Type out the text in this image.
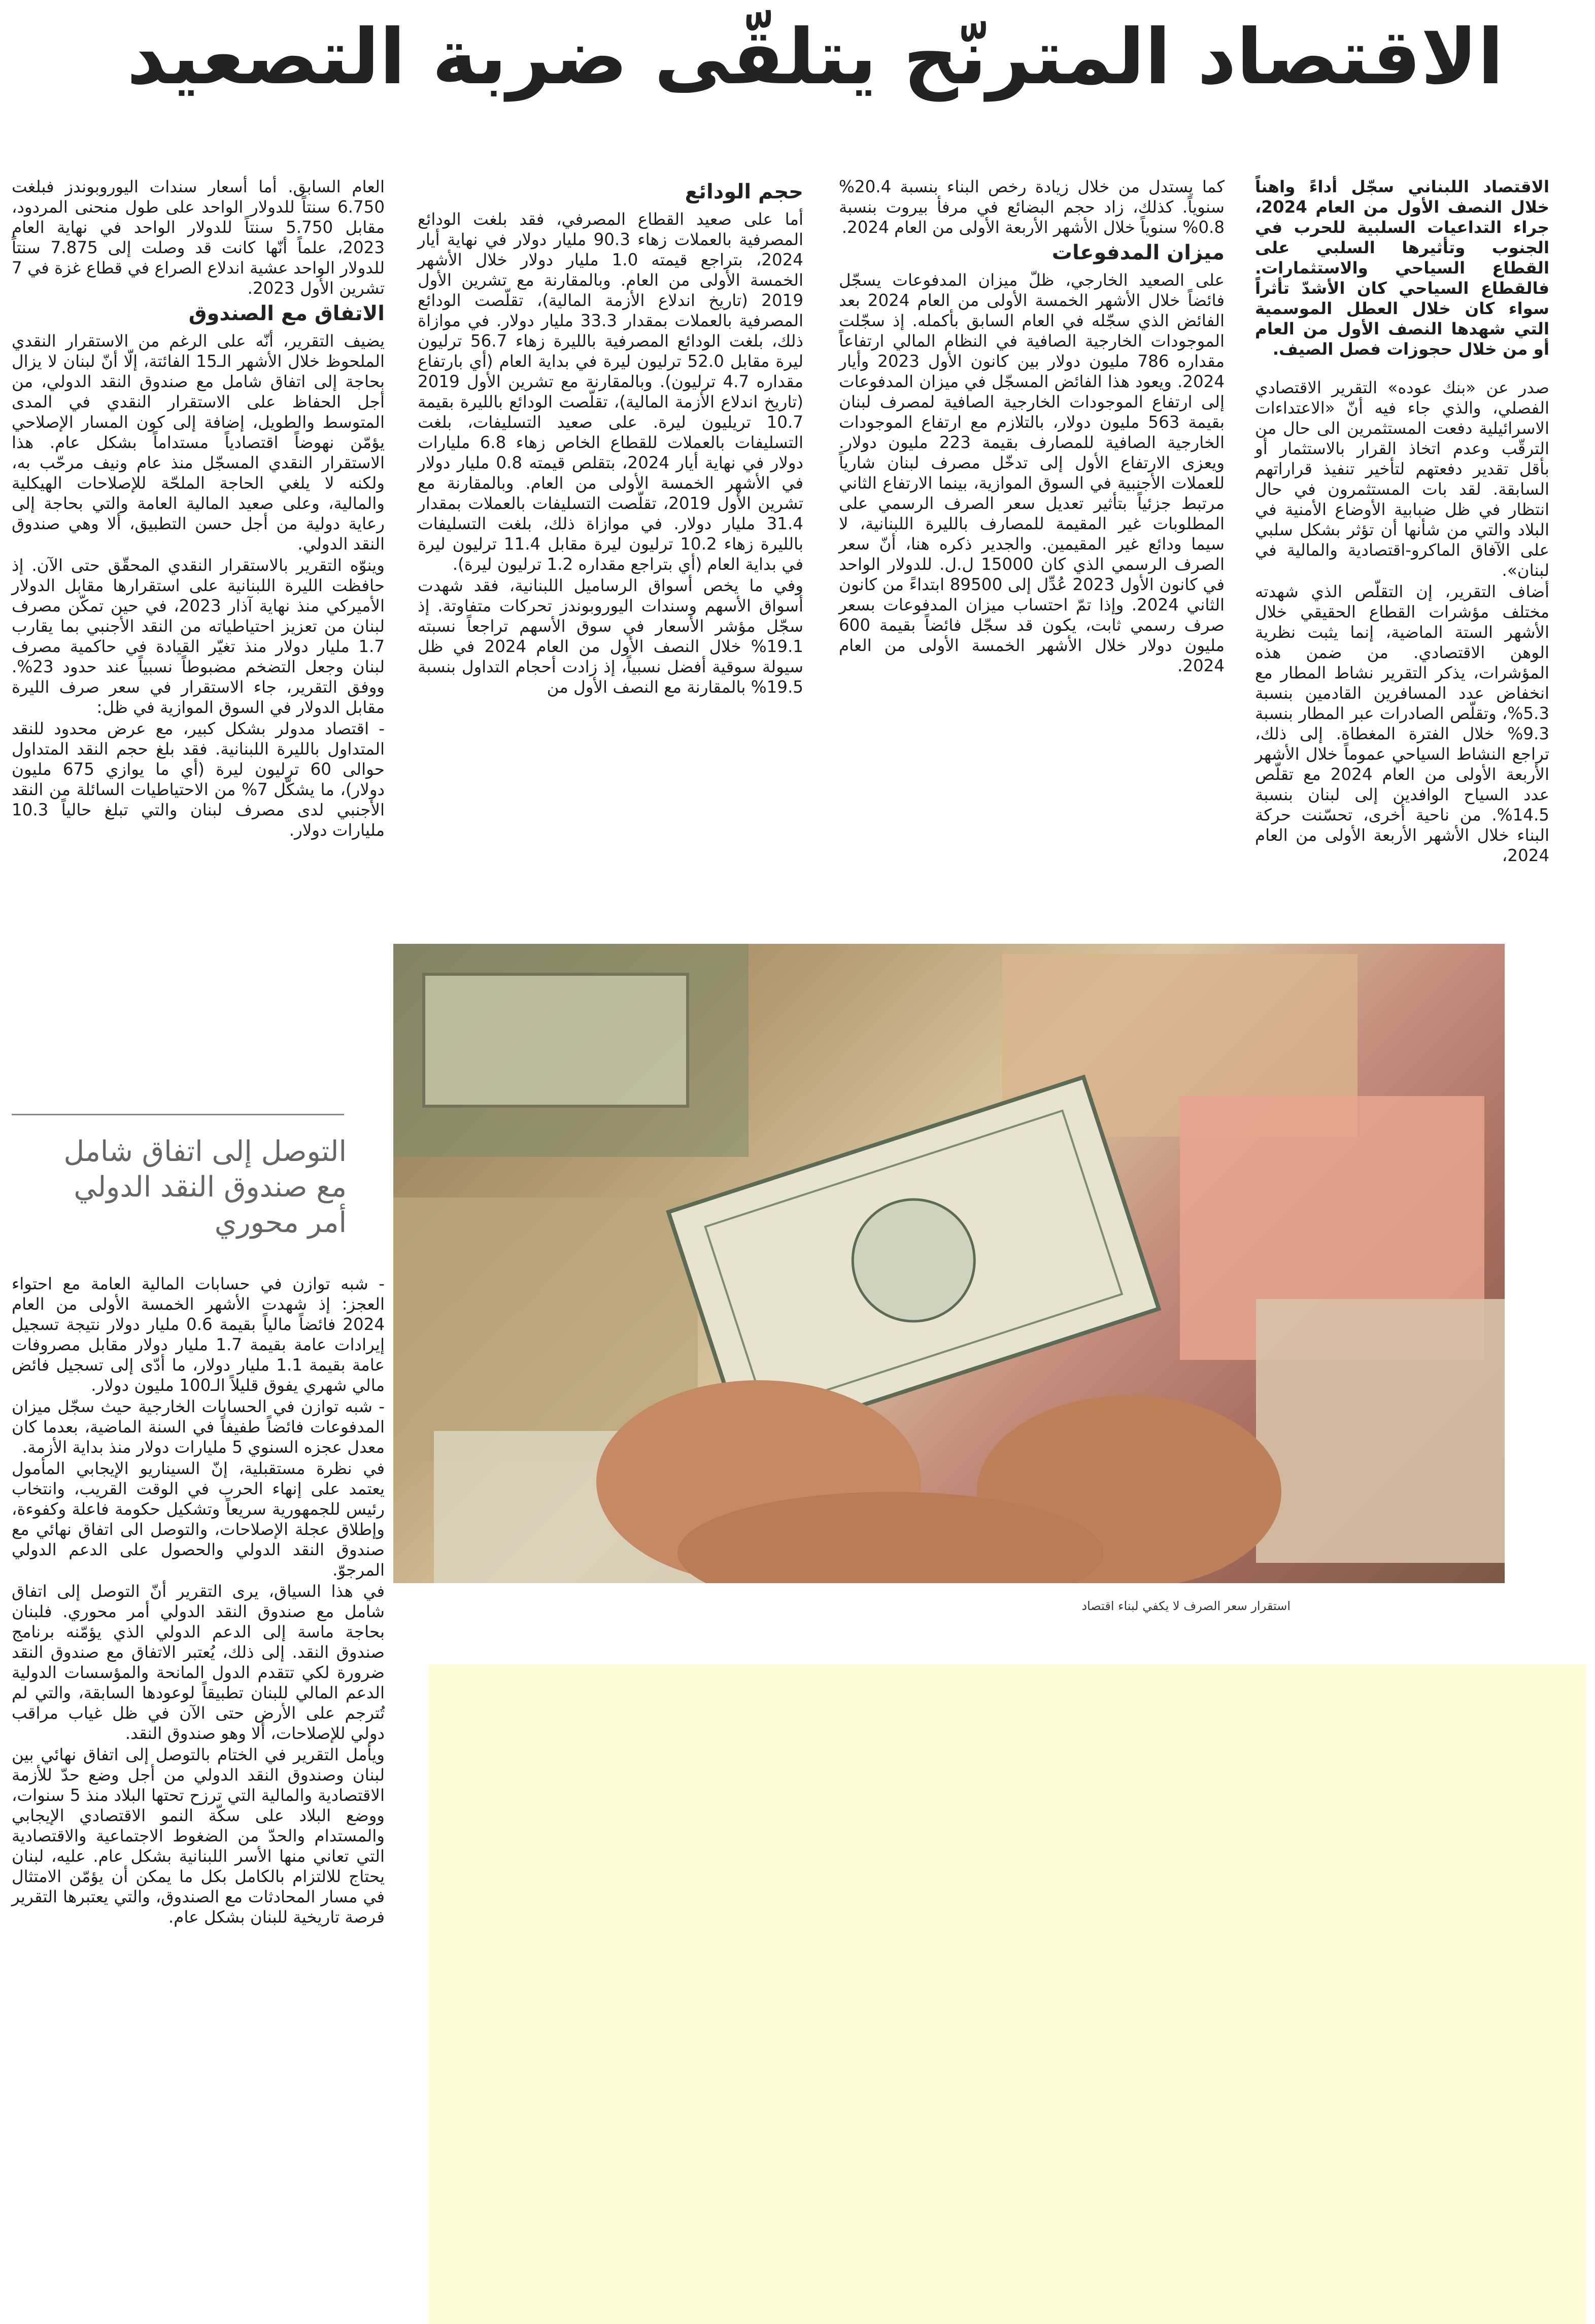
الاقتصاد المترنّح يتلقّى ضربة التصعيد

الاقتصاد اللبناني سجّل أداءً واهناً خلال النصف الأول من العام 2024، جراء التداعيات السلبية للحرب في الجنوب وتأثيرها السلبي على القطاع السياحي والاستثمارات. فالقطاع السياحي كان الأشدّ تأثراً سواء كان خلال العطل الموسمية التي شهدها النصف الأول من العام أو من خلال حجوزات فصل الصيف.

صدر عن «بنك عوده» التقرير الاقتصادي الفصلي، والذي جاء فيه أنّ «الاعتداءات الاسرائيلية دفعت المستثمرين الى حال من الترقّب وعدم اتخاذ القرار بالاستثمار أو بأقل تقدير دفعتهم لتأخير تنفيذ قراراتهم السابقة. لقد بات المستثمرون في حال انتظار في ظل ضبابية الأوضاع الأمنية في البلاد والتي من شأنها أن تؤثر بشكل سلبي على الآفاق الماكرو-اقتصادية والمالية في لبنان».

أضاف التقرير، إن التقلّص الذي شهدته مختلف مؤشرات القطاع الحقيقي خلال الأشهر الستة الماضية، إنما يثبت نظرية الوهن الاقتصادي. من ضمن هذه المؤشرات، يذكر التقرير نشاط المطار مع انخفاض عدد المسافرين القادمين بنسبة 5.3%، وتقلّص الصادرات عبر المطار بنسبة 9.3% خلال الفترة المغطاة. إلى ذلك، تراجع النشاط السياحي عموماً خلال الأشهر الأربعة الأولى من العام 2024 مع تقلّص عدد السياح الوافدين إلى لبنان بنسبة 14.5%. من ناحية أخرى، تحسّنت حركة البناء خلال الأشهر الأربعة الأولى من العام 2024،

كما يستدل من خلال زيادة رخص البناء بنسبة 20.4% سنوياً. كذلك، زاد حجم البضائع في مرفأ بيروت بنسبة 0.8% سنوياً خلال الأشهر الأربعة الأولى من العام 2024.

ميزان المدفوعات

على الصعيد الخارجي، ظلّ ميزان المدفوعات يسجّل فائضاً خلال الأشهر الخمسة الأولى من العام 2024 بعد الفائض الذي سجّله في العام السابق بأكمله. إذ سجّلت الموجودات الخارجية الصافية في النظام المالي ارتفاعاً مقداره 786 مليون دولار بين كانون الأول 2023 وأيار 2024. ويعود هذا الفائض المسجّل في ميزان المدفوعات إلى ارتفاع الموجودات الخارجية الصافية لمصرف لبنان بقيمة 563 مليون دولار، بالتلازم مع ارتفاع الموجودات الخارجية الصافية للمصارف بقيمة 223 مليون دولار. ويعزى الارتفاع الأول إلى تدخّل مصرف لبنان شارياً للعملات الأجنبية في السوق الموازية، بينما الارتفاع الثاني مرتبط جزئياً بتأثير تعديل سعر الصرف الرسمي على المطلوبات غير المقيمة للمصارف بالليرة اللبنانية، لا سيما ودائع غير المقيمين. والجدير ذكره هنا، أنّ سعر الصرف الرسمي الذي كان 15000 ل.ل. للدولار الواحد في كانون الأول 2023 عُدِّل إلى 89500 ابتداءً من كانون الثاني 2024. وإذا تمّ احتساب ميزان المدفوعات بسعر صرف رسمي ثابت، يكون قد سجّل فائضاً بقيمة 600 مليون دولار خلال الأشهر الخمسة الأولى من العام 2024.

حجم الودائع

أما على صعيد القطاع المصرفي، فقد بلغت الودائع المصرفية بالعملات زهاء 90.3 مليار دولار في نهاية أيار 2024، بتراجع قيمته 1.0 مليار دولار خلال الأشهر الخمسة الأولى من العام. وبالمقارنة مع تشرين الأول 2019 (تاريخ اندلاع الأزمة المالية)، تقلّصت الودائع المصرفية بالعملات بمقدار 33.3 مليار دولار. في موازاة ذلك، بلغت الودائع المصرفية بالليرة زهاء 56.7 ترليون ليرة مقابل 52.0 ترليون ليرة في بداية العام (أي بارتفاع مقداره 4.7 ترليون). وبالمقارنة مع تشرين الأول 2019 (تاريخ اندلاع الأزمة المالية)، تقلّصت الودائع بالليرة بقيمة 10.7 تريليون ليرة. على صعيد التسليفات، بلغت التسليفات بالعملات للقطاع الخاص زهاء 6.8 مليارات دولار في نهاية أيار 2024، بتقلص قيمته 0.8 مليار دولار في الأشهر الخمسة الأولى من العام. وبالمقارنة مع تشرين الأول 2019، تقلّصت التسليفات بالعملات بمقدار 31.4 مليار دولار. في موازاة ذلك، بلغت التسليفات بالليرة زهاء 10.2 ترليون ليرة مقابل 11.4 ترليون ليرة في بداية العام (أي بتراجع مقداره 1.2 ترليون ليرة).

وفي ما يخص أسواق الرساميل اللبنانية، فقد شهدت أسواق الأسهم وسندات اليوروبوندز تحركات متفاوتة. إذ سجّل مؤشر الأسعار في سوق الأسهم تراجعاً نسبته 19.1% خلال النصف الأول من العام 2024 في ظل سيولة سوقية أفضل نسبياً، إذ زادت أحجام التداول بنسبة 19.5% بالمقارنة مع النصف الأول من

العام السابق. أما أسعار سندات اليوروبوندز فبلغت 6.750 سنتاً للدولار الواحد على طول منحنى المردود، مقابل 5.750 سنتاً للدولار الواحد في نهاية العام 2023، علماً أنّها كانت قد وصلت إلى 7.875 سنتاً للدولار الواحد عشية اندلاع الصراع في قطاع غزة في 7 تشرين الأول 2023.

الاتفاق مع الصندوق

يضيف التقرير، أنّه على الرغم من الاستقرار النقدي الملحوظ خلال الأشهر الـ15 الفائتة، إلّا أنّ لبنان لا يزال بحاجة إلى اتفاق شامل مع صندوق النقد الدولي، من أجل الحفاظ على الاستقرار النقدي في المدى المتوسط والطويل، إضافة إلى كون المسار الإصلاحي يؤمّن نهوضاً اقتصادياً مستداماً بشكل عام. هذا الاستقرار النقدي المسجّل منذ عام ونيف مرحّب به، ولكنه لا يلغي الحاجة الملحّة للإصلاحات الهيكلية والمالية، وعلى صعيد المالية العامة والتي بحاجة إلى رعاية دولية من أجل حسن التطبيق، ألا وهي صندوق النقد الدولي.

وينوّه التقرير بالاستقرار النقدي المحقّق حتى الآن. إذ حافظت الليرة اللبنانية على استقرارها مقابل الدولار الأميركي منذ نهاية آذار 2023، في حين تمكّن مصرف لبنان من تعزيز احتياطياته من النقد الأجنبي بما يقارب 1.7 مليار دولار منذ تغيّر القيادة في حاكمية مصرف لبنان وجعل التضخم مضبوطاً نسبياً عند حدود 23%. ووفق التقرير، جاء الاستقرار في سعر صرف الليرة مقابل الدولار في السوق الموازية في ظل:

- اقتصاد مدولر بشكل كبير، مع عرض محدود للنقد المتداول بالليرة اللبنانية. فقد بلغ حجم النقد المتداول حوالى 60 ترليون ليرة (أي ما يوازي 675 مليون دولار)، ما يشكّل 7% من الاحتياطيات السائلة من النقد الأجنبي لدى مصرف لبنان والتي تبلغ حالياً 10.3 مليارات دولار.

التوصل إلى اتفاق شامل
مع صندوق النقد الدولي
أمر محوري

- شبه توازن في حسابات المالية العامة مع احتواء العجز: إذ شهدت الأشهر الخمسة الأولى من العام 2024 فائضاً مالياً بقيمة 0.6 مليار دولار نتيجة تسجيل إيرادات عامة بقيمة 1.7 مليار دولار مقابل مصروفات عامة بقيمة 1.1 مليار دولار، ما أدّى إلى تسجيل فائض مالي شهري يفوق قليلاً الـ100 مليون دولار.

- شبه توازن في الحسابات الخارجية حيث سجّل ميزان المدفوعات فائضاً طفيفاً في السنة الماضية، بعدما كان معدل عجزه السنوي 5 مليارات دولار منذ بداية الأزمة.

في نظرة مستقبلية، إنّ السيناريو الإيجابي المأمول يعتمد على إنهاء الحرب في الوقت القريب، وانتخاب رئيس للجمهورية سريعاً وتشكيل حكومة فاعلة وكفوءة، وإطلاق عجلة الإصلاحات، والتوصل الى اتفاق نهائي مع صندوق النقد الدولي والحصول على الدعم الدولي المرجوّ.

في هذا السياق، يرى التقرير أنّ التوصل إلى اتفاق شامل مع صندوق النقد الدولي أمر محوري. فلبنان بحاجة ماسة إلى الدعم الدولي الذي يؤمّنه برنامج صندوق النقد. إلى ذلك، يُعتبر الاتفاق مع صندوق النقد ضرورة لكي تتقدم الدول المانحة والمؤسسات الدولية الدعم المالي للبنان تطبيقاً لوعودها السابقة، والتي لم تُترجم على الأرض حتى الآن في ظل غياب مراقب دولي للإصلاحات، ألا وهو صندوق النقد.

ويأمل التقرير في الختام بالتوصل إلى اتفاق نهائي بين لبنان وصندوق النقد الدولي من أجل وضع حدّ للأزمة الاقتصادية والمالية التي ترزح تحتها البلاد منذ 5 سنوات، ووضع البلاد على سكّة النمو الاقتصادي الإيجابي والمستدام والحدّ من الضغوط الاجتماعية والاقتصادية التي تعاني منها الأسر اللبنانية بشكل عام. عليه، لبنان يحتاج للالتزام بالكامل بكل ما يمكن أن يؤمّن الامتثال في مسار المحادثات مع الصندوق، والتي يعتبرها التقرير فرصة تاريخية للبنان بشكل عام.

استقرار سعر الصرف لا يكفي لبناء اقتصاد
